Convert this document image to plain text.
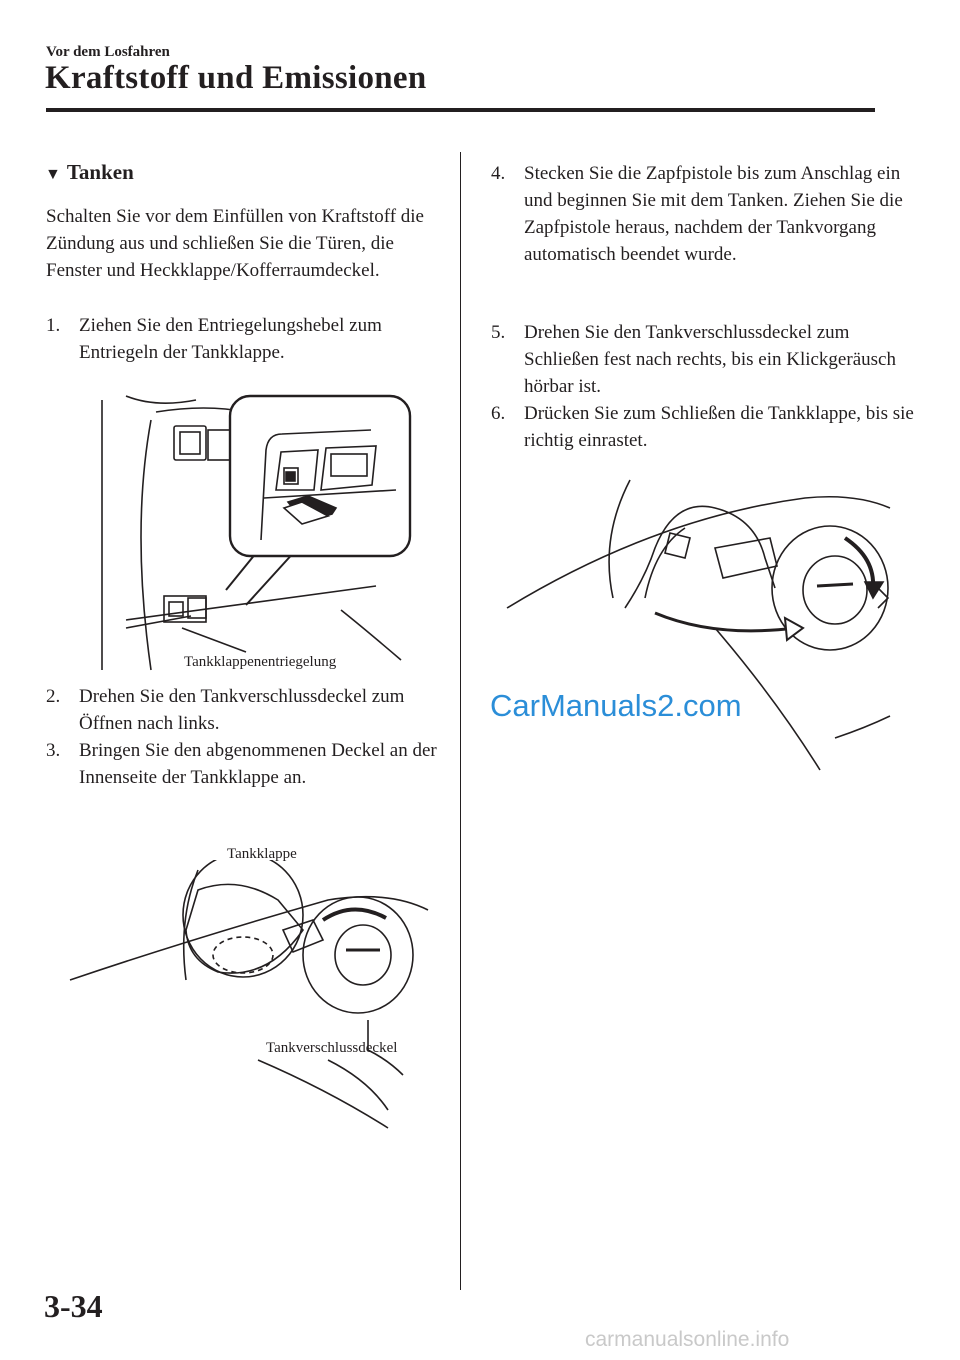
Vor dem Losfahren
Kraftstoff und Emissionen
▼ Tanken
Schalten Sie vor dem Einfüllen von Kraftstoff die Zündung aus und schließen Sie die Türen, die Fenster und Heckklappe/Kofferraumdeckel.
1. Ziehen Sie den Entriegelungshebel zum Entriegeln der Tankklappe.
Tankklappenentriegelung
2. Drehen Sie den Tankverschlussdeckel zum Öffnen nach links.
3. Bringen Sie den abgenommenen Deckel an der Innenseite der Tankklappe an.
Tankklappe
Tankverschlussdeckel
4. Stecken Sie die Zapfpistole bis zum Anschlag ein und beginnen Sie mit dem Tanken. Ziehen Sie die Zapfpistole heraus, nachdem der Tankvorgang automatisch beendet wurde.
5. Drehen Sie den Tankverschlussdeckel zum Schließen fest nach rechts, bis ein Klickgeräusch hörbar ist.
6. Drücken Sie zum Schließen die Tankklappe, bis sie richtig einrastet.
CarManuals2.com
3-34
carmanualsonline.info
